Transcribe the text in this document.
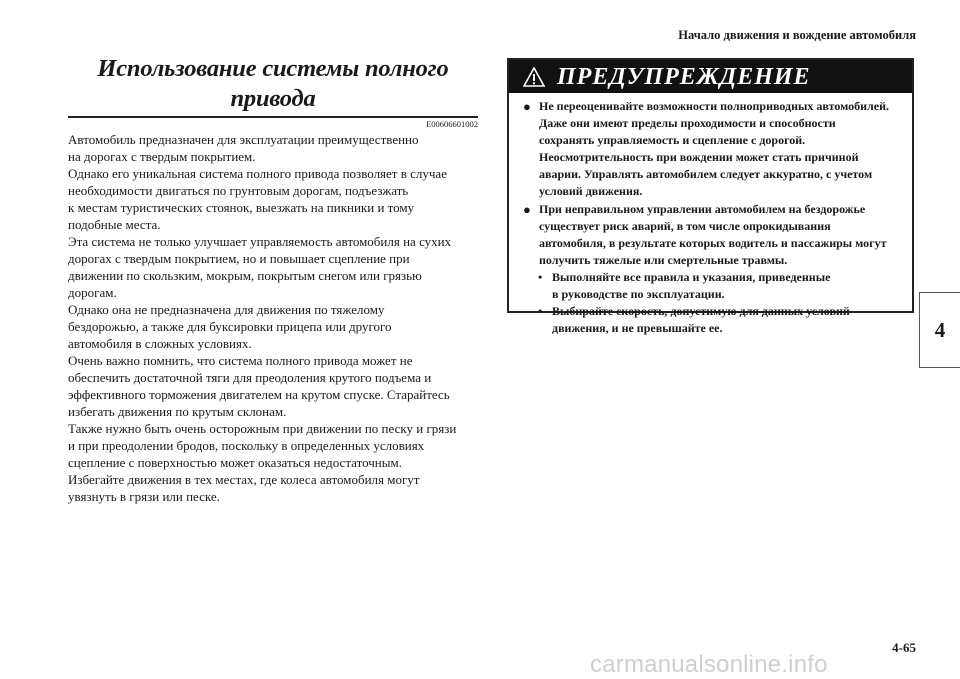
Начало движения и вождение автомобиля
4
Использование системы полного привода
E00606601002

Автомобиль предназначен для эксплуатации преимущественно
на дорогах с твердым покрытием.

Однако его уникальная система полного привода позволяет в случае
необходимости двигаться по грунтовым дорогам, подъезжать
к местам туристических стоянок, выезжать на пикники и тому
подобные места.

Эта система не только улучшает управляемость автомобиля на сухих
дорогах с твердым покрытием, но и повышает сцепление при
движении по скользким, мокрым, покрытым снегом или грязью
дорогам.

Однако она не предназначена для движения по тяжелому
бездорожью, а также для буксировки прицепа или другого
автомобиля в сложных условиях.

Очень важно помнить, что система полного привода может не
обеспечить достаточной тяги для преодоления крутого подъема и
эффективного торможения двигателем на крутом спуске. Старайтесь
избегать движения по крутым склонам.

Также нужно быть очень осторожным при движении по песку и грязи
и при преодолении бродов, поскольку в определенных условиях
сцепление с поверхностью может оказаться недостаточным.

Избегайте движения в тех местах, где колеса автомобиля могут
увязнуть в грязи или песке.

ПРЕДУПРЕЖДЕНИЕ
● Не переоценивайте возможности полноприводных автомобилей.
Даже они имеют пределы проходимости и способности
сохранять управляемость и сцепление с дорогой.
Неосмотрительность при вождении может стать причиной
аварии. Управлять автомобилем следует аккуратно, с учетом
условий движения.
● При неправильном управлении автомобилем на бездорожье
существует риск аварий, в том числе опрокидывания
автомобиля, в результате которых водитель и пассажиры могут
получить тяжелые или смертельные травмы.
• Выполняйте все правила и указания, приведенные
в руководстве по эксплуатации.
• Выбирайте скорость, допустимую для данных условий
движения, и не превышайте ее.
4-65
carmanualsonline.info
